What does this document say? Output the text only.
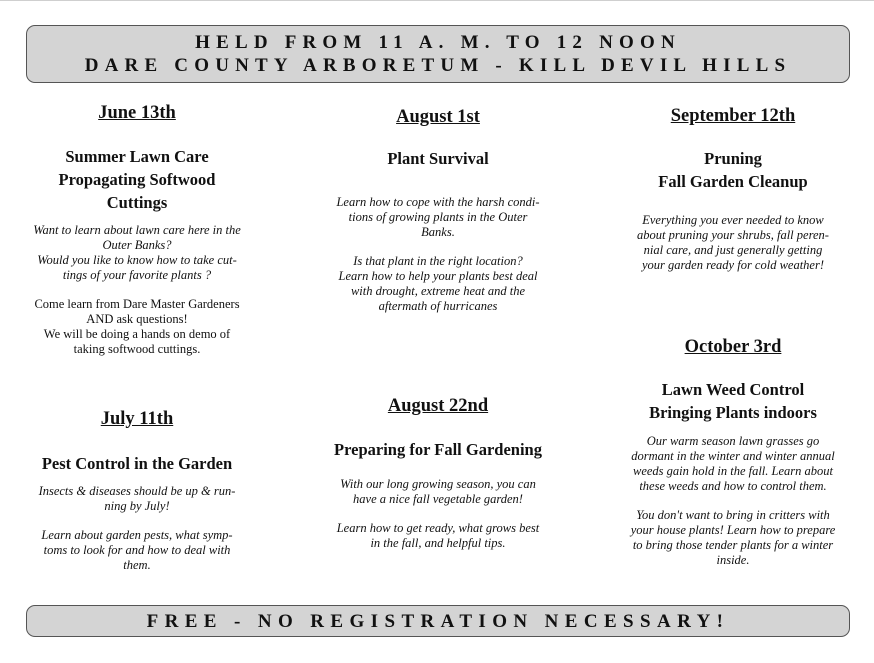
HELD FROM 11 A. M. TO 12 NOON
DARE COUNTY ARBORETUM - KILL DEVIL HILLS
June 13th
Summer Lawn Care
Propagating Softwood
Cuttings
Want to learn about lawn care here in the
Outer Banks?
Would you like to know how to take cut-
tings of your favorite plants ?
Come learn from Dare Master Gardeners
AND ask questions!
We will be doing a hands on demo of
taking softwood cuttings.
August 1st
Plant Survival
Learn how to cope with the harsh condi-
tions of growing plants in the Outer
Banks.
Is that plant in the right location?
Learn how to help your plants best deal
with drought, extreme heat and the
aftermath of hurricanes
September 12th
Pruning
Fall Garden Cleanup
Everything you ever needed to know
about pruning your shrubs, fall peren-
nial care, and just generally getting
your garden ready for cold weather!
October 3rd
Lawn Weed Control
Bringing Plants indoors
Our warm season lawn grasses go
dormant in the winter and winter annual
weeds gain hold in the fall. Learn about
these weeds and how to control them.
You don't want to bring in critters with
your house plants! Learn how to prepare
to bring those tender plants for a winter
inside.
July 11th
Pest Control in the Garden
Insects & diseases should be up & run-
ning by July!
Learn about garden pests, what symp-
toms to look for and how to deal with
them.
August 22nd
Preparing for Fall Gardening
With our long growing season, you can
have a nice fall vegetable garden!
Learn how to get ready, what grows best
in the fall, and helpful tips.
FREE - NO REGISTRATION NECESSARY!
